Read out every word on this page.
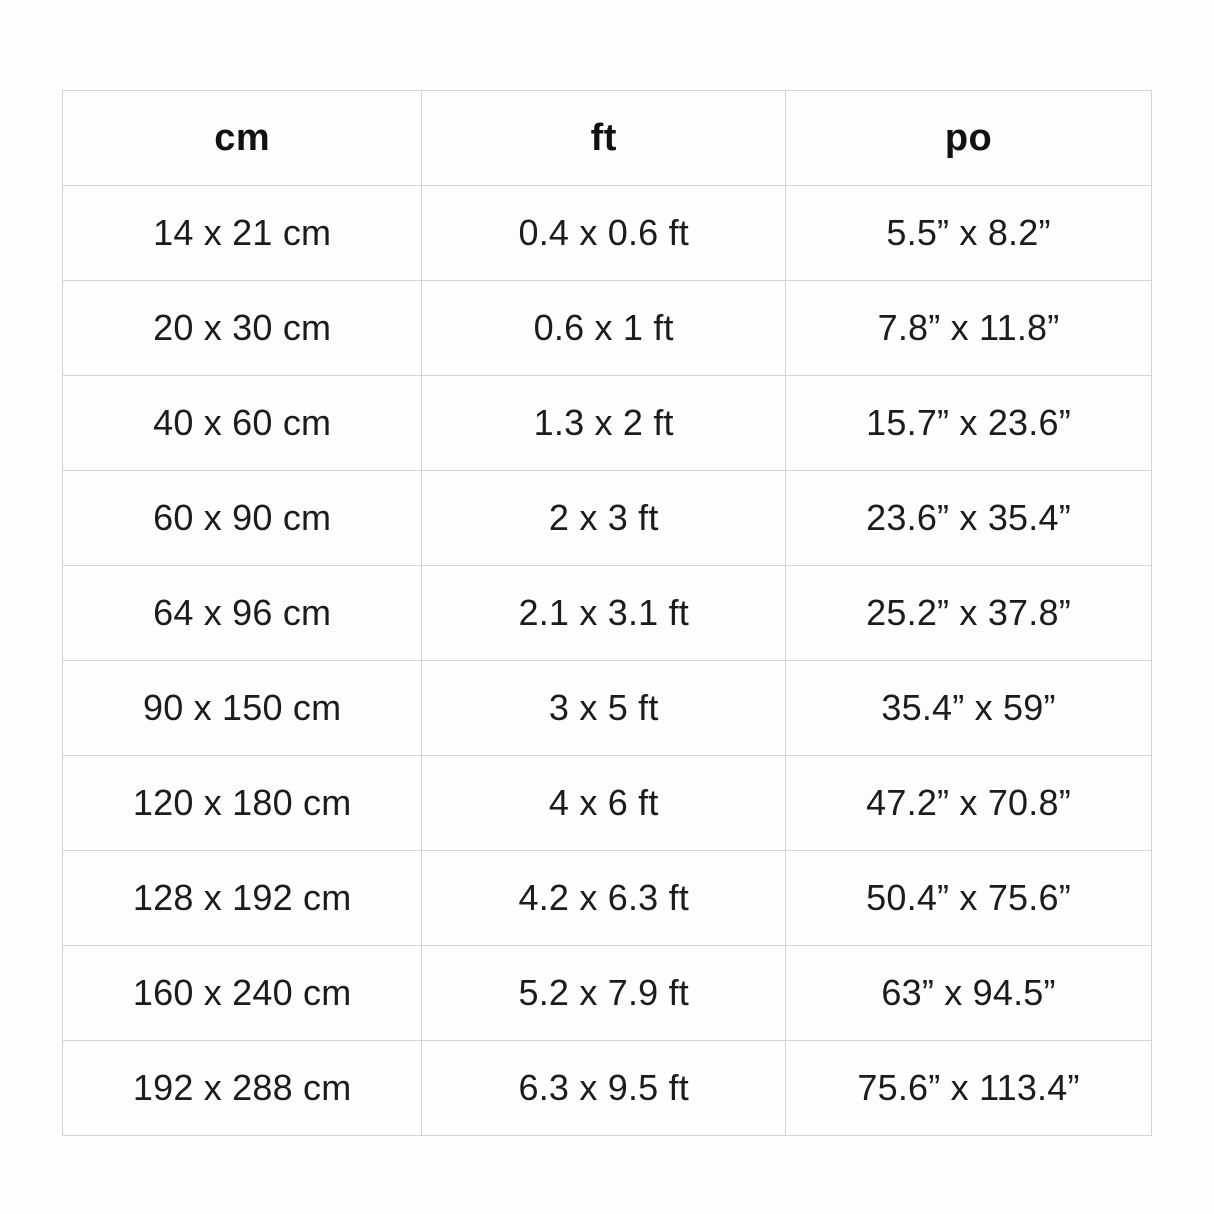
cm	ft	po
14 x 21 cm	0.4 x 0.6 ft	5.5” x 8.2”
20 x 30 cm	0.6 x 1 ft	7.8” x 11.8”
40 x 60 cm	1.3 x 2 ft	15.7” x 23.6”
60 x 90 cm	2 x 3 ft	23.6” x 35.4”
64 x 96 cm	2.1 x 3.1 ft	25.2” x 37.8”
90 x 150 cm	3 x 5 ft	35.4” x 59”
120 x 180 cm	4 x 6 ft	47.2” x 70.8”
128 x 192 cm	4.2 x 6.3 ft	50.4” x 75.6”
160 x 240 cm	5.2 x 7.9 ft	63” x 94.5”
192 x 288 cm	6.3 x 9.5 ft	75.6” x 113.4”
